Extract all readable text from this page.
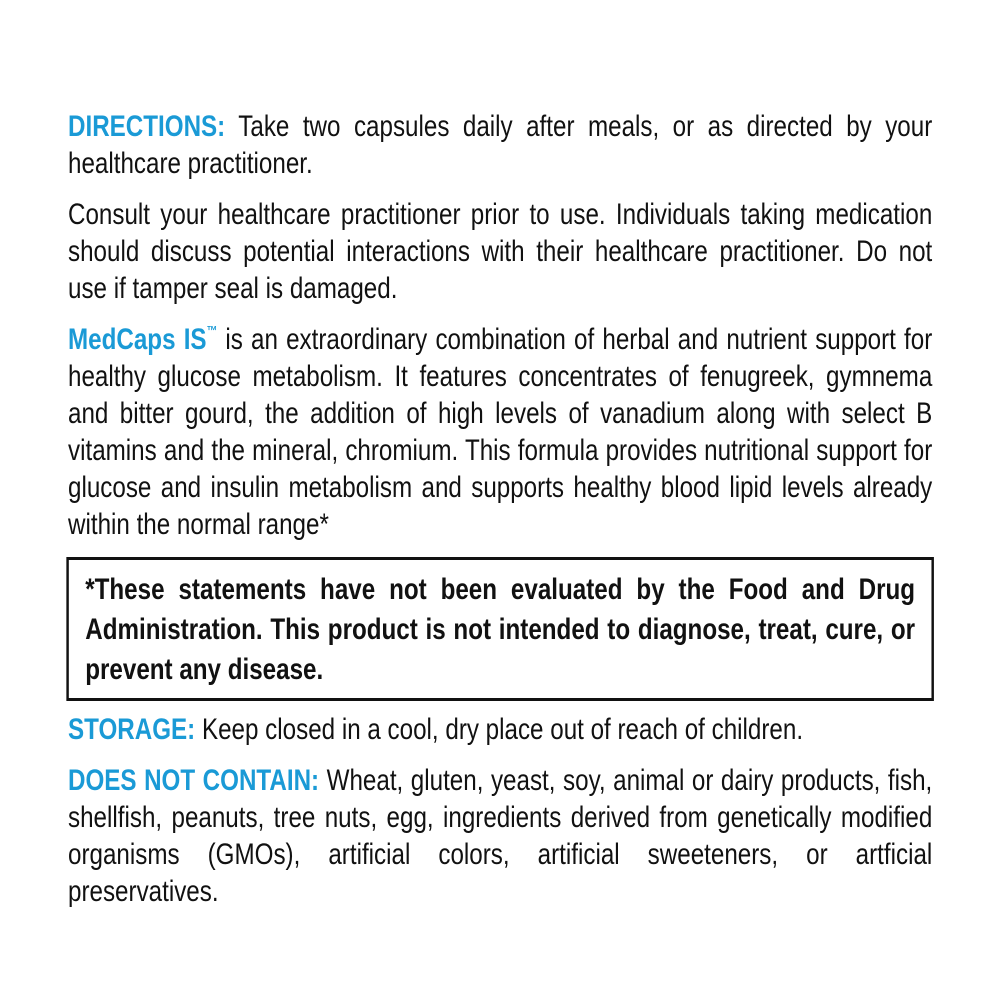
DIRECTIONS: Take two capsules daily after meals, or as directed by your healthcare practitioner.

Consult your healthcare practitioner prior to use. Individuals taking medication should discuss potential interactions with their healthcare practitioner. Do not use if tamper seal is damaged.

MedCaps IS™ is an extraordinary combination of herbal and nutrient support for healthy glucose metabolism. It features concentrates of fenugreek, gymnema and bitter gourd, the addition of high levels of vanadium along with select B vitamins and the mineral, chromium. This formula provides nutritional support for glucose and insulin metabolism and supports healthy blood lipid levels already within the normal range*

*These statements have not been evaluated by the Food and Drug Administration. This product is not intended to diagnose, treat, cure, or prevent any disease.

STORAGE: Keep closed in a cool, dry place out of reach of children.

DOES NOT CONTAIN: Wheat, gluten, yeast, soy, animal or dairy products, fish, shellfish, peanuts, tree nuts, egg, ingredients derived from genetically modified organisms (GMOs), artificial colors, artificial sweeteners, or artficial preservatives.
